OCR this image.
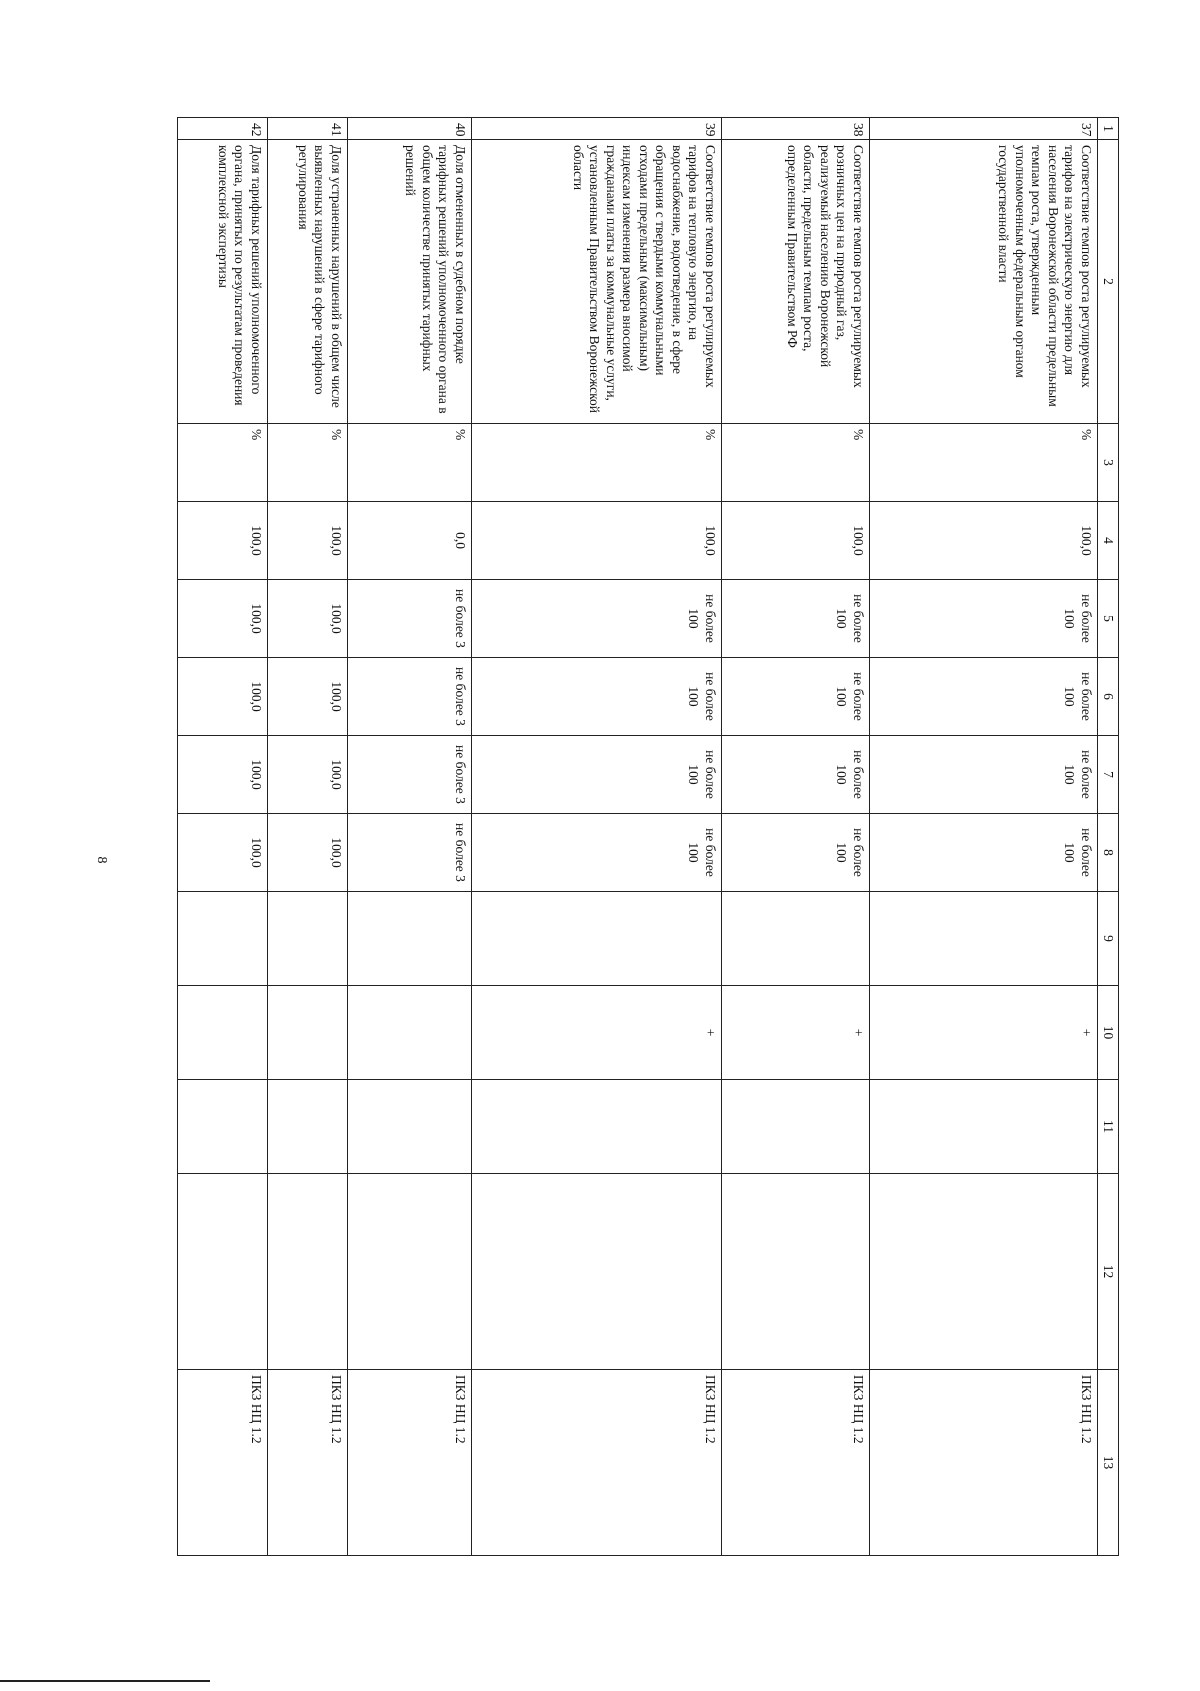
8
1	2	3	4	5	6	7	8	9	10	11	12	13
37	Соответствие темпов роста регулируемых тарифов на электрическую энергию для населения Воронежской области предельным темпам роста, утвержденным уполномоченным федеральным органом государственной власти	%	100,0	не более 100	не более 100	не более 100	не более 100		+			ПКЗ НЦ 1.2
38	Соответствие темпов роста регулируемых розничных цен на природный газ, реализуемый населению Воронежской области, предельным темпам роста, определенным Правительством РФ	%	100,0	не более 100	не более 100	не более 100	не более 100		+			ПКЗ НЦ 1.2
39	Соответствие темпов роста регулируемых тарифов на тепловую энергию, на водоснабжение, водоотведение, в сфере обращения с твердыми коммунальными отходами предельным (максимальным) индексам изменения размера вносимой гражданами платы за коммунальные услуги, установленным Правительством Воронежской области	%	100,0	не более 100	не более 100	не более 100	не более 100		+			ПКЗ НЦ 1.2
40	Доля отмененных в судебном порядке тарифных решений уполномоченного органа в общем количестве принятых тарифных решений	%	0,0	не более 3	не более 3	не более 3	не более 3					ПКЗ НЦ 1.2
41	Доля устраненных нарушений в общем числе выявленных нарушений в сфере тарифного регулирования	%	100,0	100,0	100,0	100,0	100,0					ПКЗ НЦ 1.2
42	Доля тарифных решений уполномоченного органа, принятых по результатам проведения комплексной экспертизы	%	100,0	100,0	100,0	100,0	100,0					ПКЗ НЦ 1.2
